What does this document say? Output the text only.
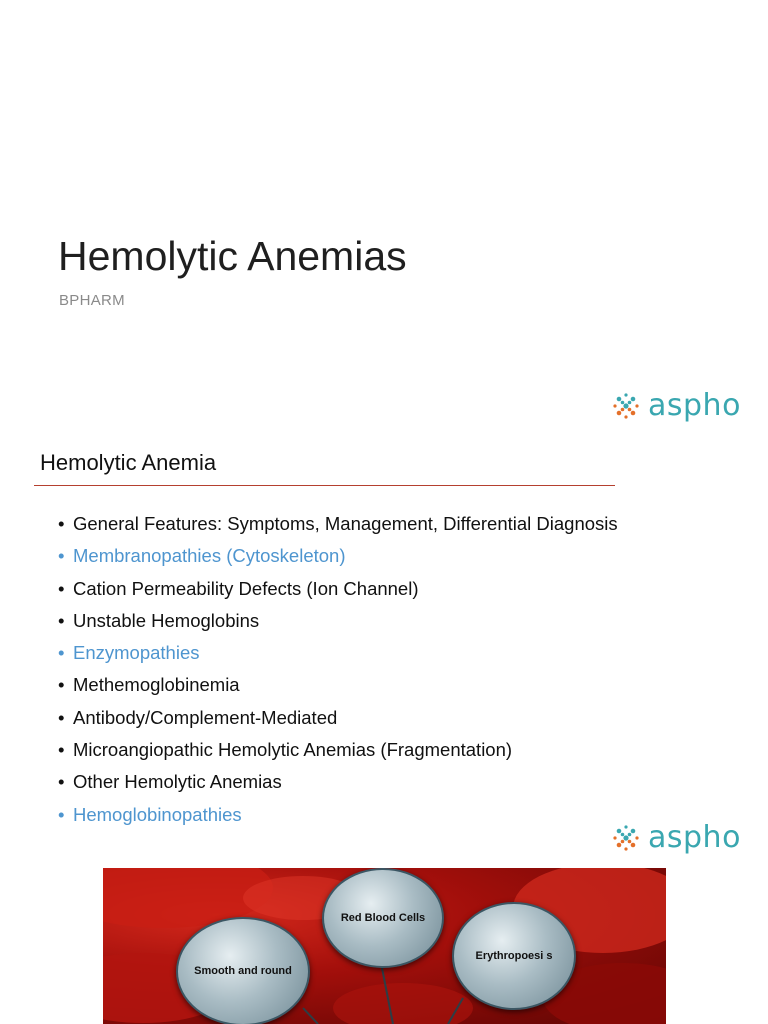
Hemolytic Anemias
BPHARM
aspho
Hemolytic Anemia
• General Features: Symptoms, Management, Differential Diagnosis
• Membranopathies (Cytoskeleton)
• Cation Permeability Defects (Ion Channel)
• Unstable Hemoglobins
• Enzymopathies
• Methemoglobinemia
• Antibody/Complement-Mediated
• Microangiopathic Hemolytic Anemias (Fragmentation)
• Other Hemolytic Anemias
• Hemoglobinopathies
aspho
Red Blood Cells
Smooth and round
Erythropoesi s
